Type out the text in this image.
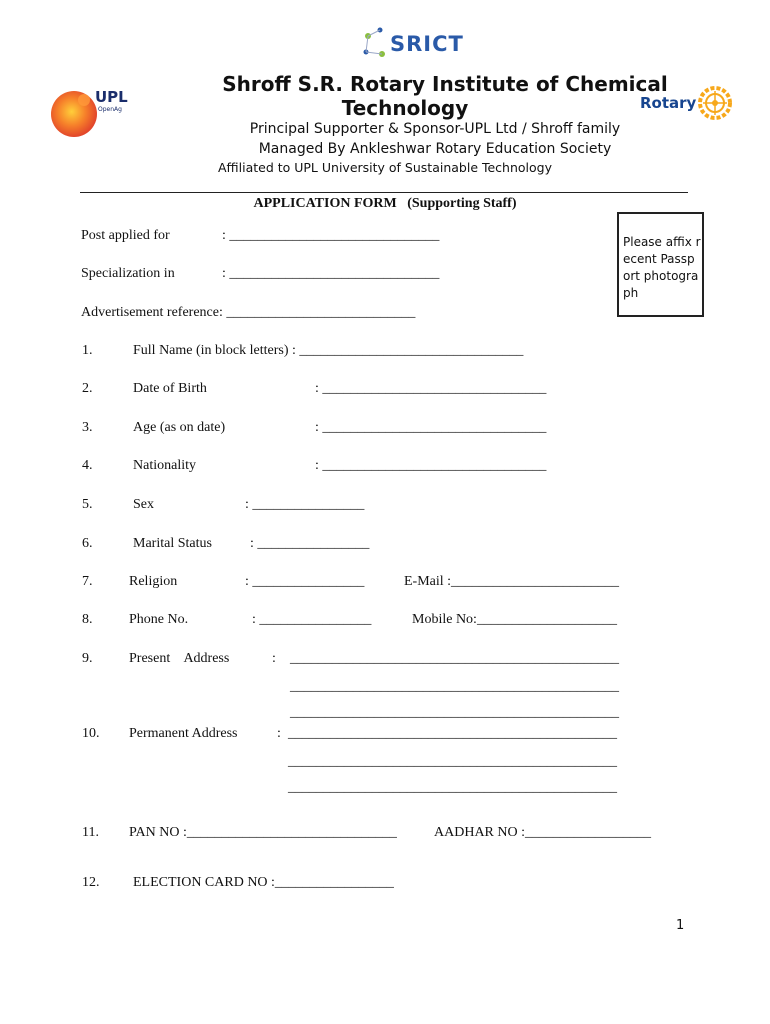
SRICT
UPL
OpenAg	Rotary
Shroff S.R. Rotary Institute of Chemical
Technology
Principal Supporter & Sponsor-UPL Ltd / Shroff family
Managed By Ankleshwar Rotary Education Society
Affiliated to UPL University of Sustainable Technology
APPLICATION FORM   (Supporting Staff)
Please affix recent Passport photograph
Post applied for	: ______________________________
Specialization in	: ______________________________
Advertisement reference: ___________________________
1.	Full Name (in block letters) : ________________________________
2.	Date of Birth	: ________________________________
3.	Age (as on date)	: ________________________________
4.	Nationality	: ________________________________
5.	Sex	: ________________
6.	Marital Status	: ________________
7.	Religion	: ________________	E-Mail :________________________
8.	Phone No.	: ________________	Mobile No:____________________
9.	Present    Address	: _______________________________________________
_______________________________________________
_______________________________________________
10. Permanent Address	: _______________________________________________
_______________________________________________
_______________________________________________
11. PAN NO :______________________________	AADHAR NO :__________________
12. ELECTION CARD NO :_________________
1
